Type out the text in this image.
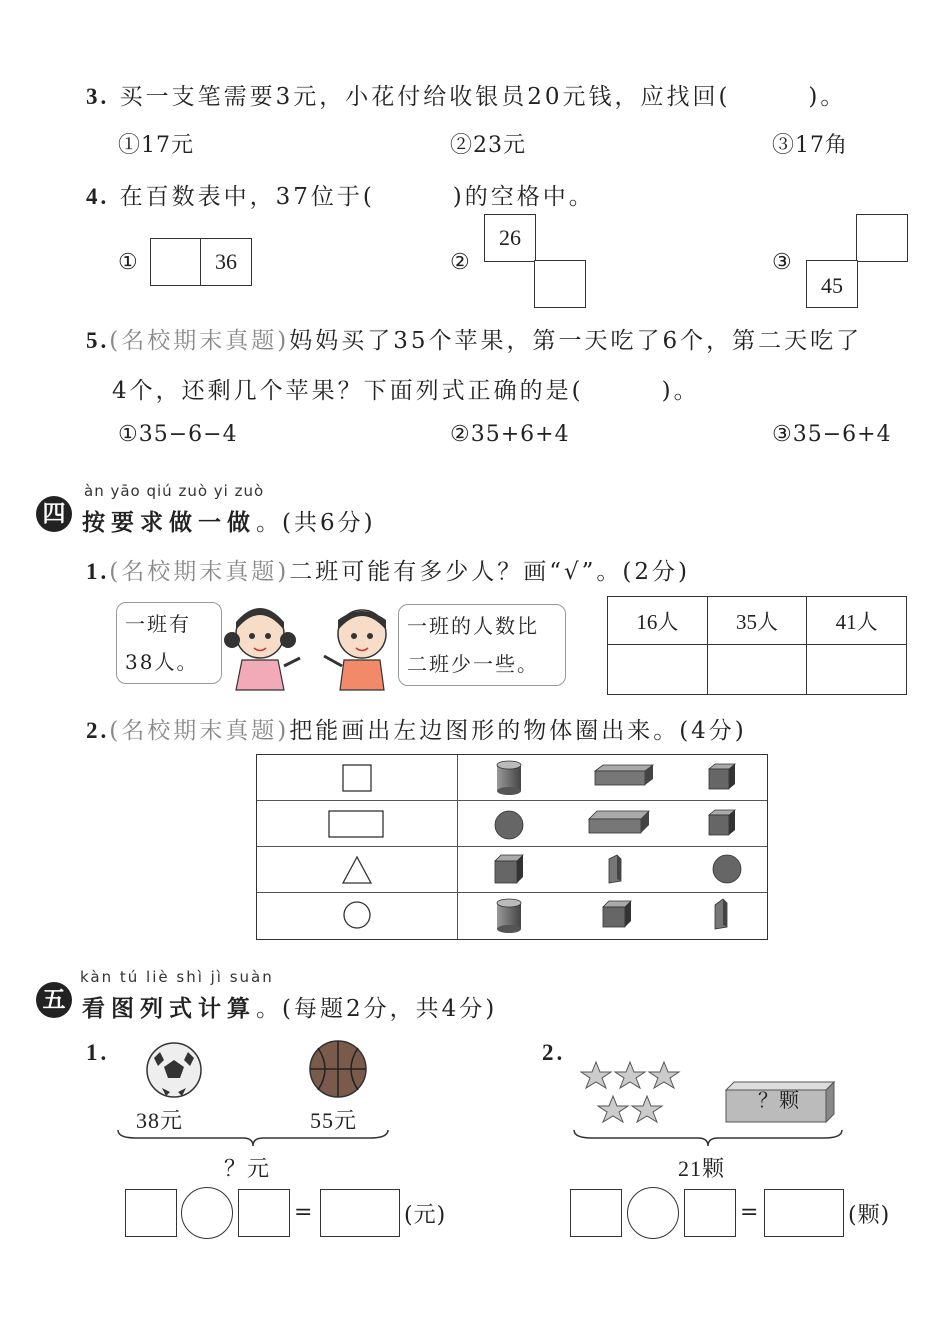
3. 买一支笔需要3元，小花付给收银员20元钱，应找回(　　　)。
①17元	②23元	③17角
4. 在百数表中，37位于(　　　)的空格中。
①	36	②
26
③
45
5.(名校期末真题)妈妈买了35个苹果，第一天吃了6个，第二天吃了
4个，还剩几个苹果？下面列式正确的是(　　　)。
①35−6−4	②35+6+4	③35−6+4
四
àn yāo qiú zuò yi zuò
按要求做一做。(共6分)
1.(名校期末真题)二班可能有多少人？画“√”。(2分)
一班有
38人。
一班的人数比
二班少一些。
16人	35人	41人

2.(名校期末真题)把能画出左边图形的物体圈出来。(4分)
五
kàn tú liè shì jì suàn
看图列式计算。(每题2分，共4分)
1.
38元	55元
？元
=	(元)
2.
？颗
21颗
=	(颗)
